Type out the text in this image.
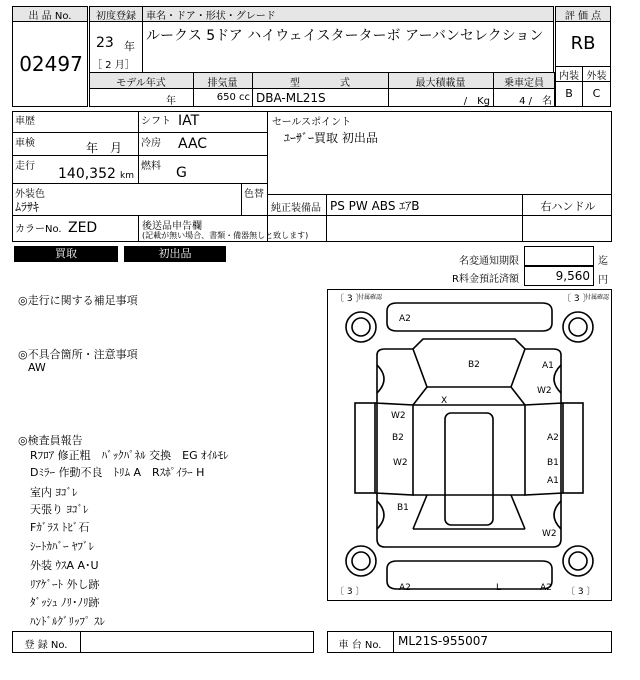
出 品 No.
02497
初度登録
23 年
［ 2 月］
車名・ドア・形状・グレード
ルークス 5ドア ハイウェイスターターボ アーバンセレクション
評 価 点
RB
内装 外装
B	C
モデル年式	排気量	型　　　　式	最大積載量	乗車定員
年	650 cc DBA-ML21S	/　Kg	4 /　名
車歴	シフト IAT
車検	年　月 冷房 AAC
走行 140,352 km
燃料 G
外装色
ﾑﾗｻｷ
色替
カラーNo. ZED
セールスポイント
ﾕｰｻﾞｰ買取 初出品
純正装備品 PS PW ABS ｴｱB	右ハンドル
後送品申告欄
(記載が無い場合、書類・備器無しと致します)
買取	初出品
名変通知期限	迄
R料金預託済額	9,560 円
◎走行に関する補足事項
◎不具合箇所・注意事項
AW
◎検査員報告
Rﾌﾛｱ 修正粗　ﾊﾞｯｸﾊﾟﾈﾙ 交換　EG ｵｲﾙﾓﾚ
Dﾐﾗｰ 作動不良　ﾄﾘﾑ A　Rｽﾎﾟｲﾗｰ H
室内 ﾖｺﾞﾚ
天張り ﾖｺﾞﾚ
Fｶﾞﾗｽ ﾄﾋﾞ石
ｼｰﾄｶﾊﾞｰ ﾔﾌﾞﾚ
外装 ｳｽA A･U
ﾘｱｹﾞｰﾄ 外し跡
ﾀﾞｯｼｭ ﾉﾘ･ﾉﾘ跡
ﾊﾝﾄﾞﾙｸﾞﾘｯﾌﾟ ｽﾚ
〔 3 〕
付属確認	〔 3 〕
付属確認
〔 3 〕	〔 3 〕
A2
B2	A1
W2
X
W2
B2	A2
W2	B1
A1
B1
W2
A2	L	A2
登 録 No.	車 台 No.	ML21S-955007
